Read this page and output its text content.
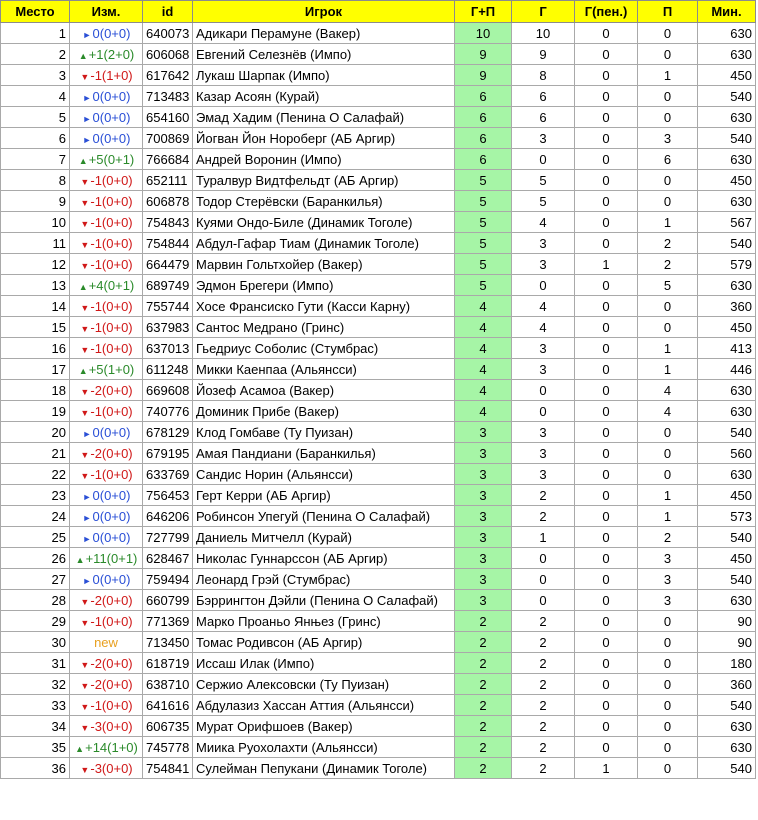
Место	Изм.	id	Игрок	Г+П	Г	Г(пен.)	П	Мин.
1	►0(0+0)	640073	Адикари Перамуне (Вакер)	10	10	0	0	630
2	▲+1(2+0)	606068	Евгений Селезнёв (Импо)	9	9	0	0	630
3	▼-1(1+0)	617642	Лукаш Шарпак (Импо)	9	8	0	1	450
4	►0(0+0)	713483	Казар Асоян (Курай)	6	6	0	0	540
5	►0(0+0)	654160	Эмад Хадим (Пенина О Салафай)	6	6	0	0	630
6	►0(0+0)	700869	Йогван Йон Нороберг (АБ Аргир)	6	3	0	3	540
7	▲+5(0+1)	766684	Андрей Воронин (Импо)	6	0	0	6	630
8	▼-1(0+0)	652111	Туралвур Видтфельдт (АБ Аргир)	5	5	0	0	450
9	▼-1(0+0)	606878	Тодор Стерёвски (Баранкилья)	5	5	0	0	630
10	▼-1(0+0)	754843	Куями Ондо-Биле (Динамик Тоголе)	5	4	0	1	567
11	▼-1(0+0)	754844	Абдул-Гафар Тиам (Динамик Тоголе)	5	3	0	2	540
12	▼-1(0+0)	664479	Марвин Гольтхойер (Вакер)	5	3	1	2	579
13	▲+4(0+1)	689749	Эдмон Брегери (Импо)	5	0	0	5	630
14	▼-1(0+0)	755744	Хосе Франсиско Гути (Касси Карну)	4	4	0	0	360
15	▼-1(0+0)	637983	Сантос Медрано (Гринс)	4	4	0	0	450
16	▼-1(0+0)	637013	Гьедриус Соболис (Стумбрас)	4	3	0	1	413
17	▲+5(1+0)	611248	Микки Каенпаа (Альянсси)	4	3	0	1	446
18	▼-2(0+0)	669608	Йозеф Асамоа (Вакер)	4	0	0	4	630
19	▼-1(0+0)	740776	Доминик Прибе (Вакер)	4	0	0	4	630
20	►0(0+0)	678129	Клод Гомбаве (Ту Пуизан)	3	3	0	0	540
21	▼-2(0+0)	679195	Амая Пандиани (Баранкилья)	3	3	0	0	560
22	▼-1(0+0)	633769	Сандис Норин (Альянсси)	3	3	0	0	630
23	►0(0+0)	756453	Герт Керри (АБ Аргир)	3	2	0	1	450
24	►0(0+0)	646206	Робинсон Упегуй (Пенина О Салафай)	3	2	0	1	573
25	►0(0+0)	727799	Даниель Митчелл (Курай)	3	1	0	2	540
26	▲+11(0+1)	628467	Николас Гуннарссон (АБ Аргир)	3	0	0	3	450
27	►0(0+0)	759494	Леонард Грэй (Стумбрас)	3	0	0	3	540
28	▼-2(0+0)	660799	Бэррингтон Дэйли (Пенина О Салафай)	3	0	0	3	630
29	▼-1(0+0)	771369	Марко Проаньо Янњез (Гринс)	2	2	0	0	90
30	new	713450	Томас Родивсон (АБ Аргир)	2	2	0	0	90
31	▼-2(0+0)	618719	Иссаш Илак (Импо)	2	2	0	0	180
32	▼-2(0+0)	638710	Сержио Алексовски (Ту Пуизан)	2	2	0	0	360
33	▼-1(0+0)	641616	Абдулазиз Хассан Аттия (Альянсси)	2	2	0	0	540
34	▼-3(0+0)	606735	Мурат Орифшоев (Вакер)	2	2	0	0	630
35	▲+14(1+0)	745778	Миика Руохолахти (Альянсси)	2	2	0	0	630
36	▼-3(0+0)	754841	Сулейман Пепукани (Динамик Тоголе)	2	2	1	0	540
